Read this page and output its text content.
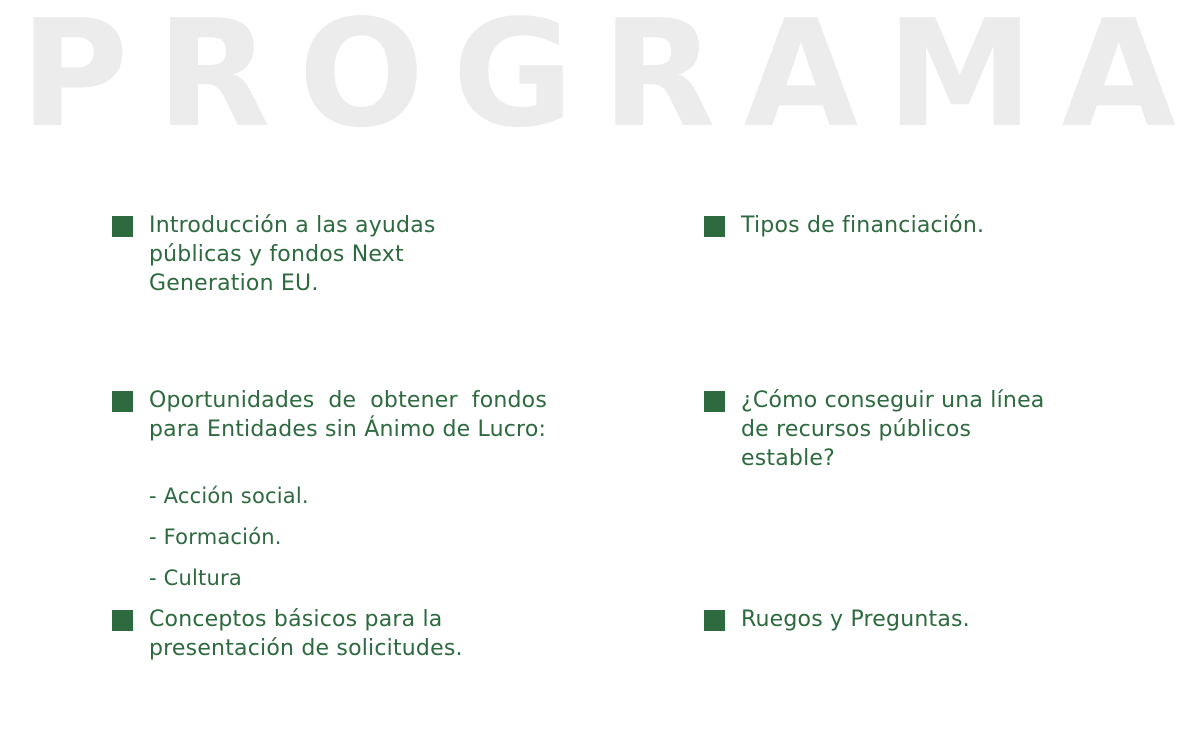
P R O G R A M A
Introducción a las ayudas públicas y fondos Next Generation EU.
Oportunidades de obtener fondos para Entidades sin Ánimo de Lucro:
- Acción social.
- Formación.
- Cultura
Conceptos básicos para la presentación de solicitudes.
Tipos de financiación.
¿Cómo conseguir una línea de recursos públicos estable?
Ruegos y Preguntas.
